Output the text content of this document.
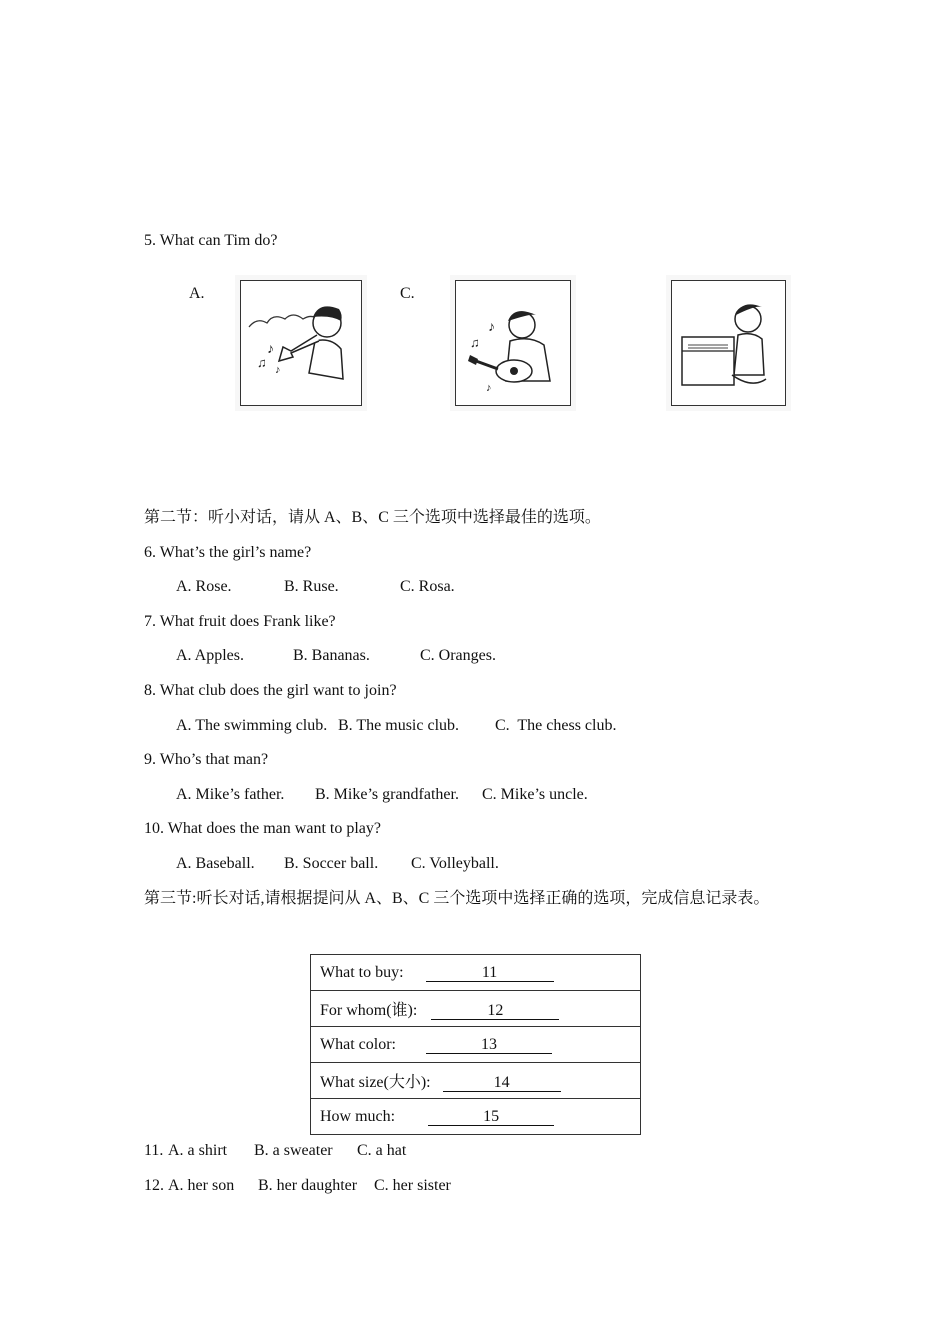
5. What can Tim do?
A.	C.
♪
♫ ♪
♪
♫
♪
第二节：听小对话，请从 A、B、C 三个选项中选择最佳的选项。
6. What’s the girl’s name?
A. Rose.	B. Ruse.	C. Rosa.
7. What fruit does Frank like?
A. Apples.	B. Bananas.	C. Oranges.
8. What club does the girl want to join?
A. The swimming club. B. The music club. C.  The chess club.
9. Who’s that man?
A. Mike’s father. B. Mike’s grandfather. C. Mike’s uncle.
10. What does the man want to play?
A. Baseball. B. Soccer ball. C. Volleyball.
第三节:听长对话,请根据提问从 A、B、C 三个选项中选择正确的选项，完成信息记录表。
What to buy:	11
For whom(谁):	12
What color:	13
What size(大小):	14
How much:	15
11. A. a shirt B. a sweater C. a hat
12. A. her son B. her daughter C. her sister
